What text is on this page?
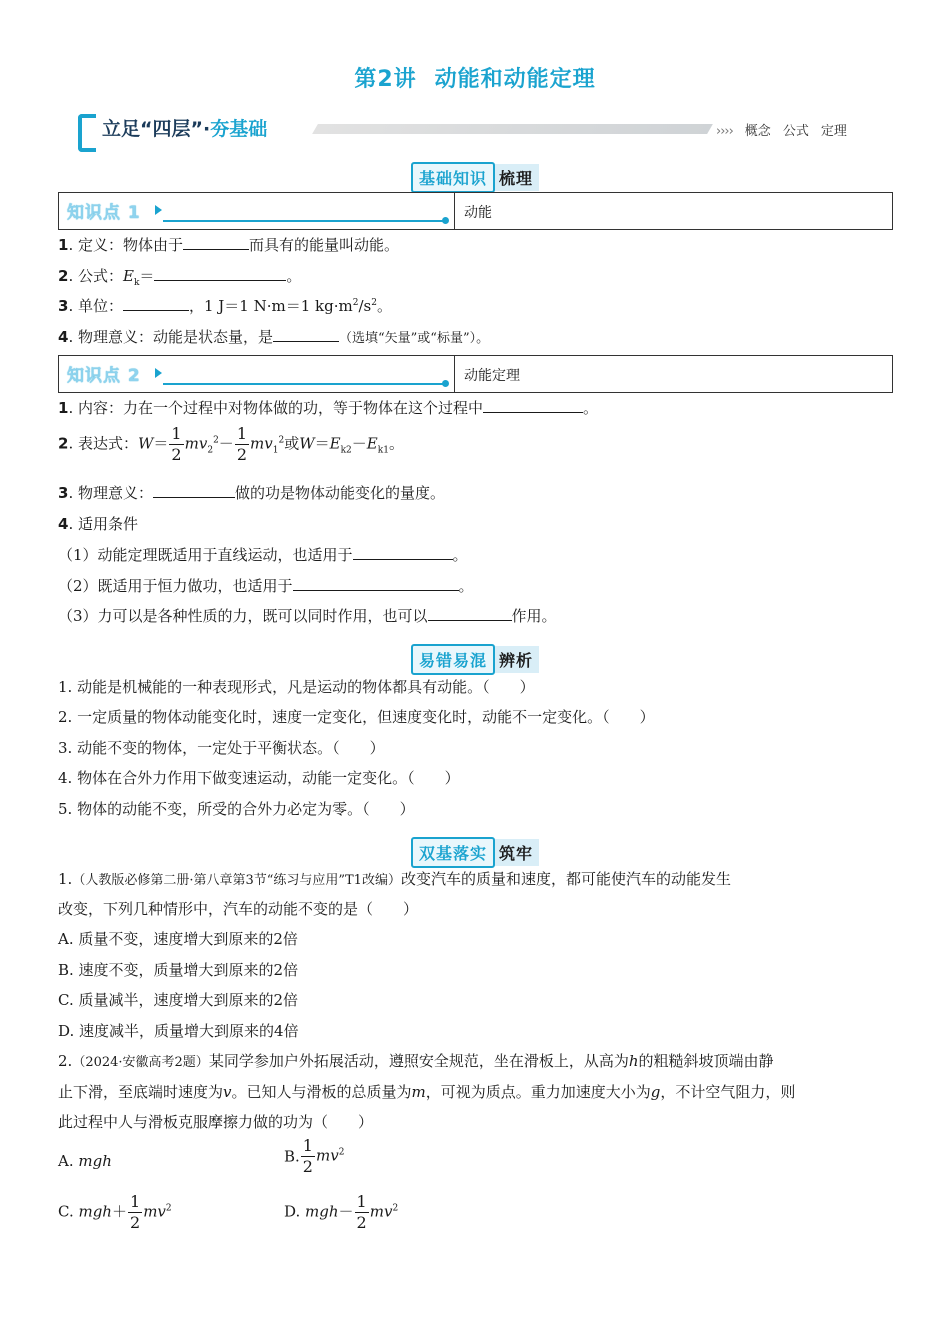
第2讲 动能和动能定理
立足“四层”·夯基础	›››› 概念 公式 定理
基础知识 梳理
知识点 1	动能
1. 定义：物体由于	而具有的能量叫动能。
2. 公式：$E_k=$	。
3. 单位：	，1 J＝1 N·m＝1 $kg\cdot m^2/s^2$。
4. 物理意义：动能是状态量，是	（选填“矢量”或“标量”）。
知识点 2	动能定理
1. 内容：力在一个过程中对物体做的功，等于物体在这个过程中	。
2. 表达式：$W= \frac{1}{2} mv_2^2- \frac{1}{2} mv_1^2$或$W=E_{k2}-E_{k1}$。
3. 物理意义：	做的功是物体动能变化的量度。
4. 适用条件
（1）动能定理既适用于直线运动，也适用于	。
（2）既适用于恒力做功，也适用于	。
（3）力可以是各种性质的力，既可以同时作用，也可以	作用。
易错易混 辨析
1. 动能是机械能的一种表现形式，凡是运动的物体都具有动能。（　　）
2. 一定质量的物体动能变化时，速度一定变化，但速度变化时，动能不一定变化。（　　）
3. 动能不变的物体，一定处于平衡状态。（　　）
4. 物体在合外力作用下做变速运动，动能一定变化。（　　）
5. 物体的动能不变，所受的合外力必定为零。（　　）
双基落实 筑牢
1.（人教版必修第二册·第八章第3节“练习与应用”T1改编）改变汽车的质量和速度，都可能使汽车的动能发生
改变，下列几种情形中，汽车的动能不变的是（　　）
A. 质量不变，速度增大到原来的2倍
B. 速度不变，质量增大到原来的2倍
C. 质量减半，速度增大到原来的2倍
D. 速度减半，质量增大到原来的4倍
2.（2024·安徽高考2题）某同学参加户外拓展活动，遵照安全规范，坐在滑板上，从高为h的粗糙斜坡顶端由静
止下滑，至底端时速度为v。已知人与滑板的总质量为m，可视为质点。重力加速度大小为g，不计空气阻力，则
此过程中人与滑板克服摩擦力做的功为（　　）
A. mgh	B. $\frac{1}{2} mv^2$
C. $mgh+ \frac{1}{2} mv^2$	D. $mgh- \frac{1}{2} mv^2$
